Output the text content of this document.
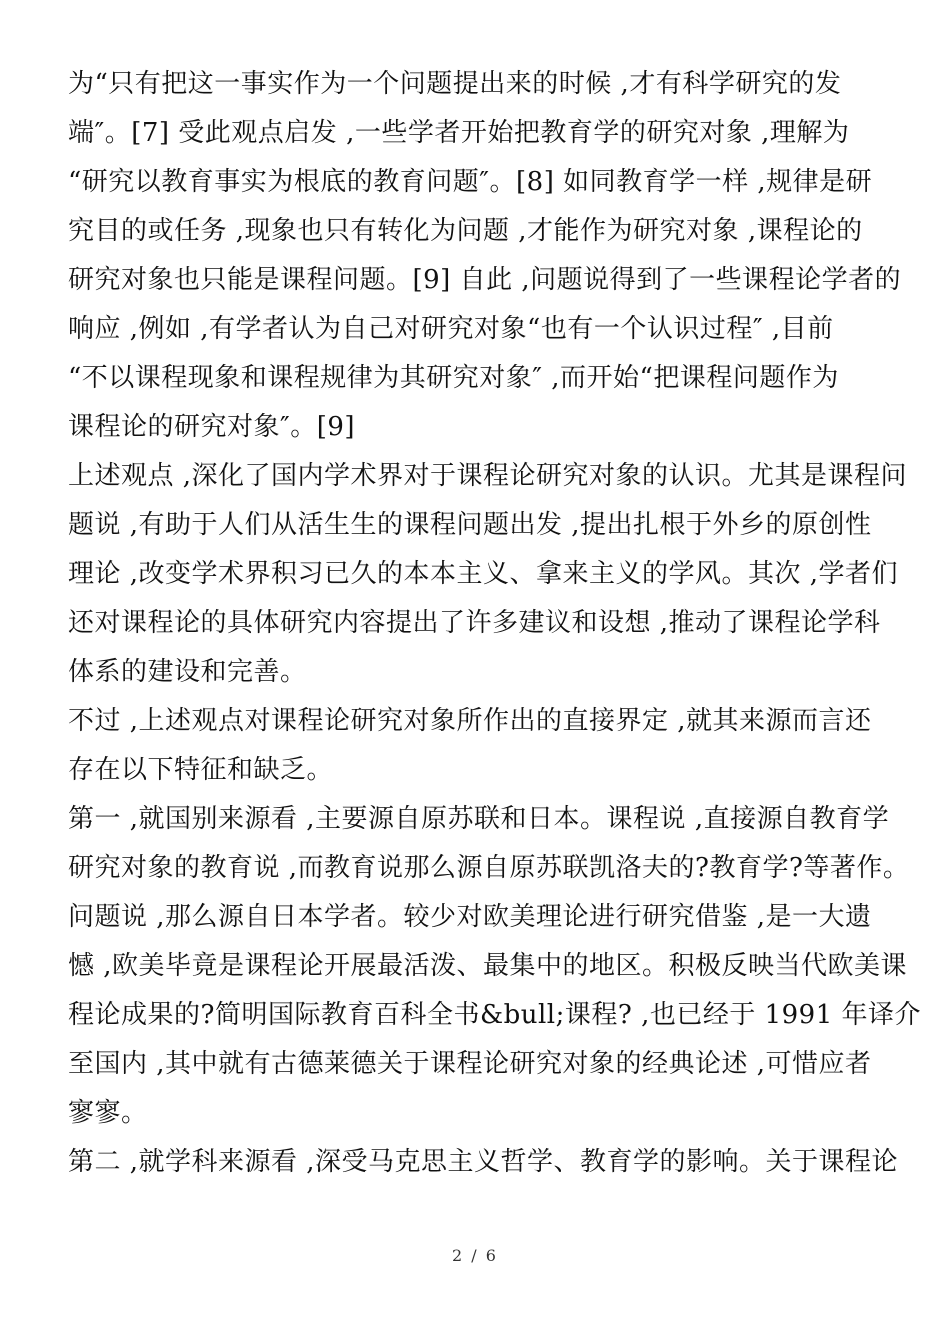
为“只有把这一事实作为一个问题提出来的时候 ,才有科学研究的发
端″。[7] 受此观点启发 ,一些学者开始把教育学的研究对象 ,理解为
“研究以教育事实为根底的教育问题″。[8] 如同教育学一样 ,规律是研
究目的或任务 ,现象也只有转化为问题 ,才能作为研究对象 ,课程论的
研究对象也只能是课程问题。[9] 自此 ,问题说得到了一些课程论学者的
响应 ,例如 ,有学者认为自己对研究对象“也有一个认识过程″ ,目前
“不以课程现象和课程规律为其研究对象″ ,而开始“把课程问题作为
课程论的研究对象″。[9]
上述观点 ,深化了国内学术界对于课程论研究对象的认识。尤其是课程问
题说 ,有助于人们从活生生的课程问题出发 ,提出扎根于外乡的原创性
理论 ,改变学术界积习已久的本本主义、拿来主义的学风。其次 ,学者们
还对课程论的具体研究内容提出了许多建议和设想 ,推动了课程论学科
体系的建设和完善。
不过 ,上述观点对课程论研究对象所作出的直接界定 ,就其来源而言还
存在以下特征和缺乏。
第一 ,就国别来源看 ,主要源自原苏联和日本。课程说 ,直接源自教育学
研究对象的教育说 ,而教育说那么源自原苏联凯洛夫的?教育学?等著作。
问题说 ,那么源自日本学者。较少对欧美理论进行研究借鉴 ,是一大遗
憾 ,欧美毕竟是课程论开展最活泼、最集中的地区。积极反映当代欧美课
程论成果的?简明国际教育百科全书&bull;课程? ,也已经于 1991 年译介
至国内 ,其中就有古德莱德关于课程论研究对象的经典论述 ,可惜应者
寥寥。
第二 ,就学科来源看 ,深受马克思主义哲学、教育学的影响。关于课程论
2 / 6
